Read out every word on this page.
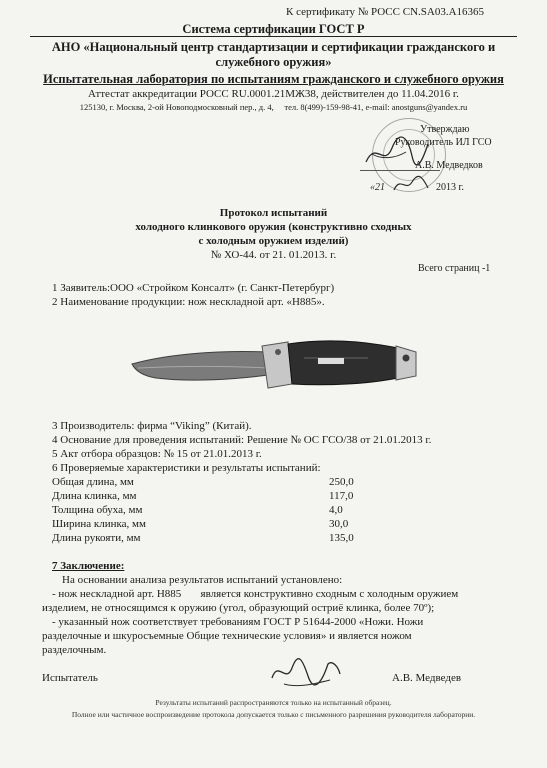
К сертификату № РОСС CN.SA03.A16365
Система сертификации ГОСТ Р
АНО «Национальный центр стандартизации и сертификации гражданского и
служебного оружия»
Испытательная лаборатория по испытаниям гражданского и служебного оружия
Аттестат аккредитации РОСС RU.0001.21МЖ38, действителен до 11.04.2016 г.
125130, г. Москва, 2-ой Новоподмосковный пер., д. 4,     тел. 8(499)-159-98-41, e-mail: anostguns@yandex.ru
Утверждаю
Руководитель ИЛ ГСО
А.В. Медведков
«21	2013 г.
Протокол испытаний
холодного клинкового оружия (конструктивно сходных
с холодным оружием изделий)
№ ХО-44. от 21. 01.2013. г.
Всего страниц -1
1 Заявитель:ООО «Стройком Консалт» (г. Санкт-Петербург)
2 Наименование продукции: нож нескладной арт. «Н885».
3 Производитель: фирма “Viking” (Китай).
4 Основание для проведения испытаний: Решение № ОС ГСО/38 от 21.01.2013 г.
5 Акт отбора образцов: № 15 от 21.01.2013 г.
6 Проверяемые характеристики и результаты испытаний:
Общая длина, мм	250,0
Длина клинка, мм	117,0
Толщина обуха, мм	4,0
Ширина клинка, мм	30,0
Длина рукояти, мм	135,0
7 Заключение:
На основании анализа результатов испытаний установлено:
- нож нескладной арт. Н885       является конструктивно сходным с холодным оружием
изделием, не относящимся к оружию (угол, образующий остриё клинка, более 70º);
- указанный нож соответствует требованиям ГОСТ Р 51644-2000 «Ножи. Ножи
разделочные и шкуросъемные Общие технические условия» и является ножом
разделочным.
Испытатель	А.В. Медведев
Результаты испытаний распространяются только на испытанный образец.
Полное или частичное воспроизведение протокола допускается только с письменного разрешения руководителя лаборатории.
